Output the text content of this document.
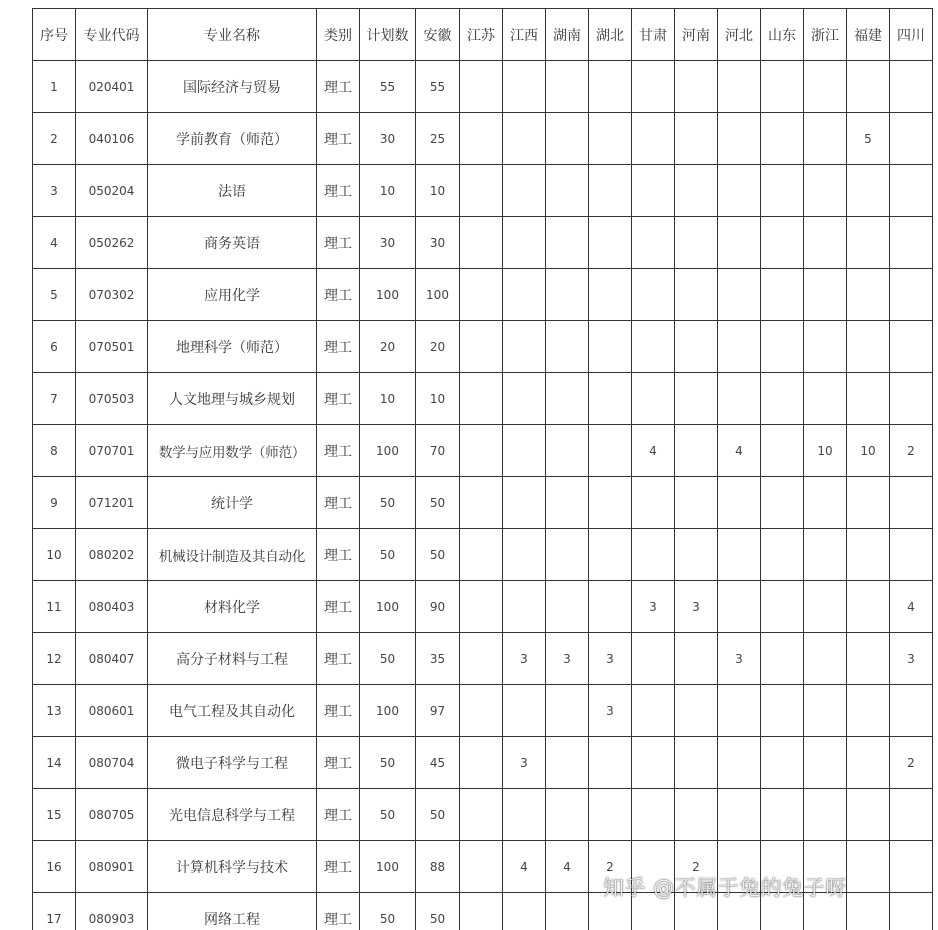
序号	专业代码	专业名称	类别	计划数	安徽	江苏	江西	湖南	湖北	甘肃	河南	河北	山东	浙江	福建	四川
1	020401	国际经济与贸易	理工	55	55											
2	040106	学前教育（师范）	理工	30	25										5	
3	050204	法语	理工	10	10											
4	050262	商务英语	理工	30	30											
5	070302	应用化学	理工	100	100											
6	070501	地理科学（师范）	理工	20	20											
7	070503	人文地理与城乡规划	理工	10	10											
8	070701	数学与应用数学（师范）	理工	100	70					4		4		10	10	2
9	071201	统计学	理工	50	50											
10	080202	机械设计制造及其自动化	理工	50	50											
11	080403	材料化学	理工	100	90					3	3					4
12	080407	高分子材料与工程	理工	50	35		3	3	3			3				3
13	080601	电气工程及其自动化	理工	100	97				3							
14	080704	微电子科学与工程	理工	50	45		3									2
15	080705	光电信息科学与工程	理工	50	50											
16	080901	计算机科学与技术	理工	100	88		4	4	2		2					
17	080903	网络工程	理工	50	50											
知乎 @不属于兔的兔子呀
